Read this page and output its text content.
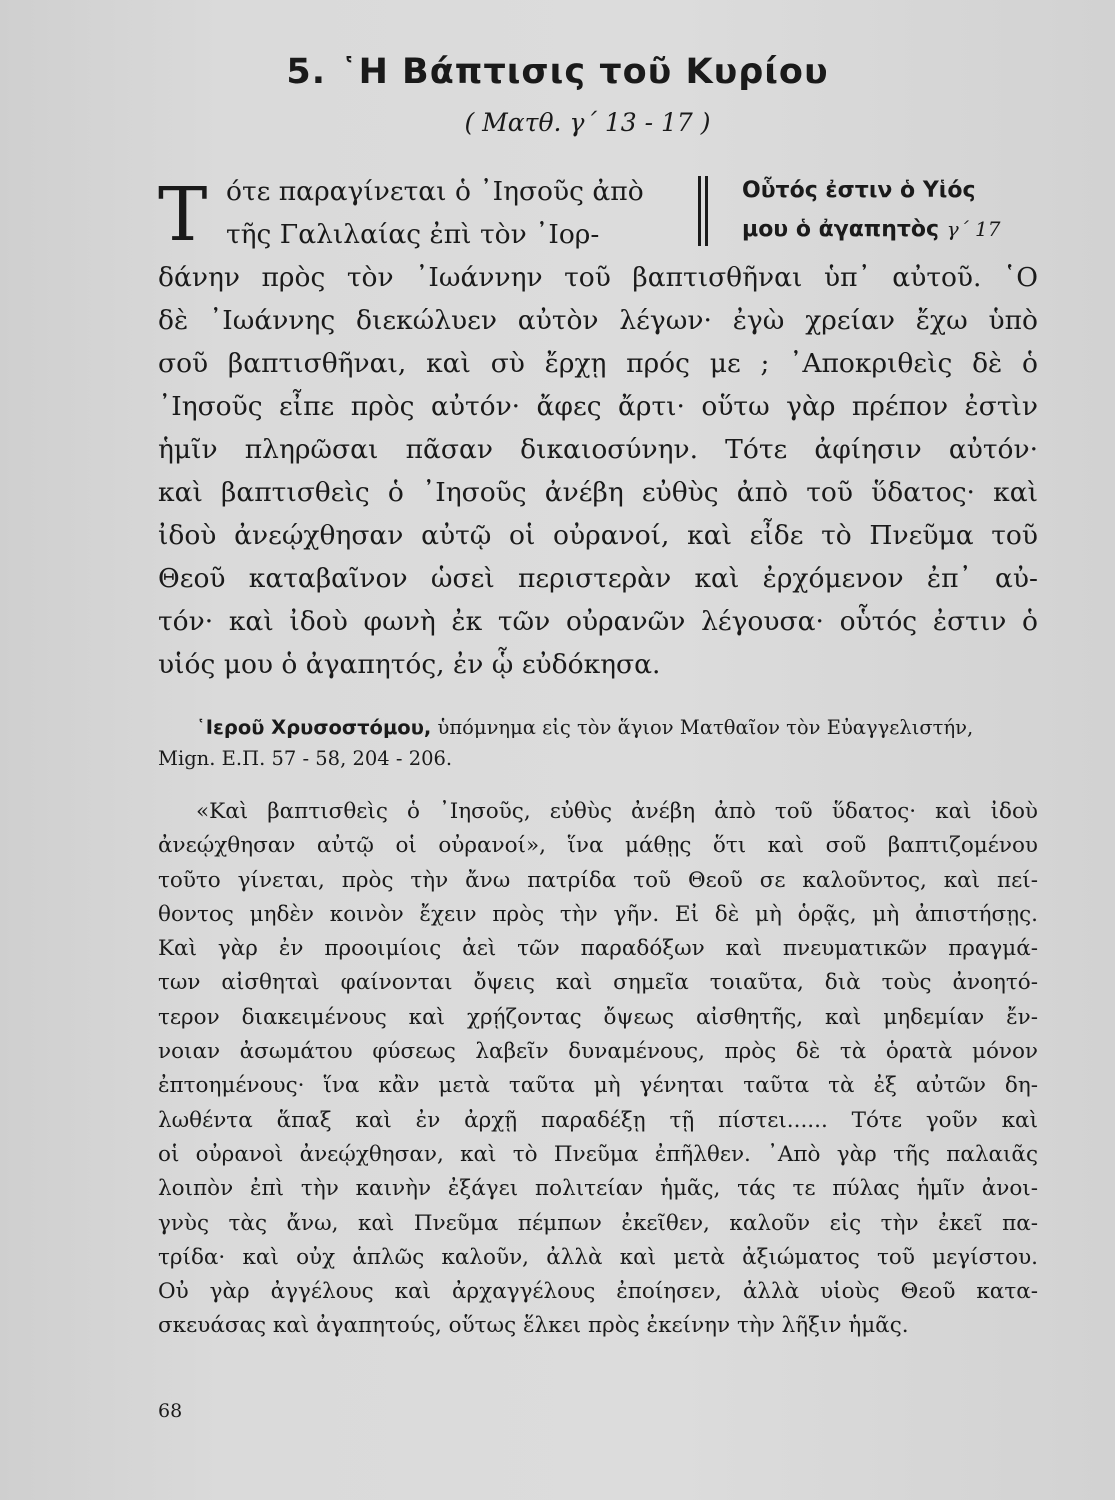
5. ῾Η Βάπτισις τοῦ Κυρίου
( Ματθ. γ΄ 13 - 17 )
Τ ότε παραγίνεται ὁ ᾿Ιησοῦς ἀπὸ
τῆς Γαλιλαίας ἐπὶ τὸν ᾿Ιορ-
Οὗτός ἐστιν ὁ Υἱός
μου ὁ ἀγαπητὸς γ΄ 17
δάνην πρὸς τὸν ᾿Ιωάννην τοῦ βαπτισθῆναι ὑπ᾿ αὐτοῦ. ῾Ο
δὲ ᾿Ιωάννης διεκώλυεν αὐτὸν λέγων· ἐγὼ χρείαν ἔχω ὑπὸ
σοῦ βαπτισθῆναι, καὶ σὺ ἔρχῃ πρός με ; ᾿Αποκριθεὶς δὲ ὁ
᾿Ιησοῦς εἶπε πρὸς αὐτόν· ἄφες ἄρτι· οὕτω γὰρ πρέπον ἐστὶν
ἡμῖν πληρῶσαι πᾶσαν δικαιοσύνην. Τότε ἀφίησιν αὐτόν·
καὶ βαπτισθεὶς ὁ ᾿Ιησοῦς ἀνέβη εὐθὺς ἀπὸ τοῦ ὕδατος· καὶ
ἰδοὺ ἀνεῴχθησαν αὐτῷ οἱ οὐρανοί, καὶ εἶδε τὸ Πνεῦμα τοῦ
Θεοῦ καταβαῖνον ὡσεὶ περιστερὰν καὶ ἐρχόμενον ἐπ᾿ αὐ-
τόν· καὶ ἰδοὺ φωνὴ ἐκ τῶν οὐρανῶν λέγουσα· οὗτός ἐστιν ὁ
υἱός μου ὁ ἀγαπητός, ἐν ᾧ εὐδόκησα.
῾Ιεροῦ Χρυσοστόμου, ὑπόμνημα εἰς τὸν ἅγιον Ματθαῖον τὸν Εὐαγγελιστήν,
Mign. Ε.Π. 57 - 58, 204 - 206.
«Καὶ βαπτισθεὶς ὁ ᾿Ιησοῦς, εὐθὺς ἀνέβη ἀπὸ τοῦ ὕδατος· καὶ ἰδοὺ
ἀνεῴχθησαν αὐτῷ οἱ οὐρανοί», ἵνα μάθῃς ὅτι καὶ σοῦ βαπτιζομένου
τοῦτο γίνεται, πρὸς τὴν ἄνω πατρίδα τοῦ Θεοῦ σε καλοῦντος, καὶ πεί-
θοντος μηδὲν κοινὸν ἔχειν πρὸς τὴν γῆν. Εἰ δὲ μὴ ὁρᾷς, μὴ ἀπιστήσῃς.
Καὶ γὰρ ἐν προοιμίοις ἀεὶ τῶν παραδόξων καὶ πνευματικῶν πραγμά-
των αἰσθηταὶ φαίνονται ὄψεις καὶ σημεῖα τοιαῦτα, διὰ τοὺς ἀνοητό-
τερον διακειμένους καὶ χρῄζοντας ὄψεως αἰσθητῆς, καὶ μηδεμίαν ἔν-
νοιαν ἀσωμάτου φύσεως λαβεῖν δυναμένους, πρὸς δὲ τὰ ὁρατὰ μόνον
ἐπτοημένους· ἵνα κἂν μετὰ ταῦτα μὴ γένηται ταῦτα τὰ ἐξ αὐτῶν δη-
λωθέντα ἅπαξ καὶ ἐν ἀρχῇ παραδέξῃ τῇ πίστει...... Τότε γοῦν καὶ
οἱ οὐρανοὶ ἀνεῴχθησαν, καὶ τὸ Πνεῦμα ἐπῆλθεν. ᾿Απὸ γὰρ τῆς παλαιᾶς
λοιπὸν ἐπὶ τὴν καινὴν ἐξάγει πολιτείαν ἡμᾶς, τάς τε πύλας ἡμῖν ἀνοι-
γνὺς τὰς ἄνω, καὶ Πνεῦμα πέμπων ἐκεῖθεν, καλοῦν εἰς τὴν ἐκεῖ πα-
τρίδα· καὶ οὐχ ἁπλῶς καλοῦν, ἀλλὰ καὶ μετὰ ἀξιώματος τοῦ μεγίστου.
Οὐ γὰρ ἀγγέλους καὶ ἀρχαγγέλους ἐποίησεν, ἀλλὰ υἱοὺς Θεοῦ κατα-
σκευάσας καὶ ἀγαπητούς, οὕτως ἕλκει πρὸς ἐκείνην τὴν λῆξιν ἡμᾶς.
68
